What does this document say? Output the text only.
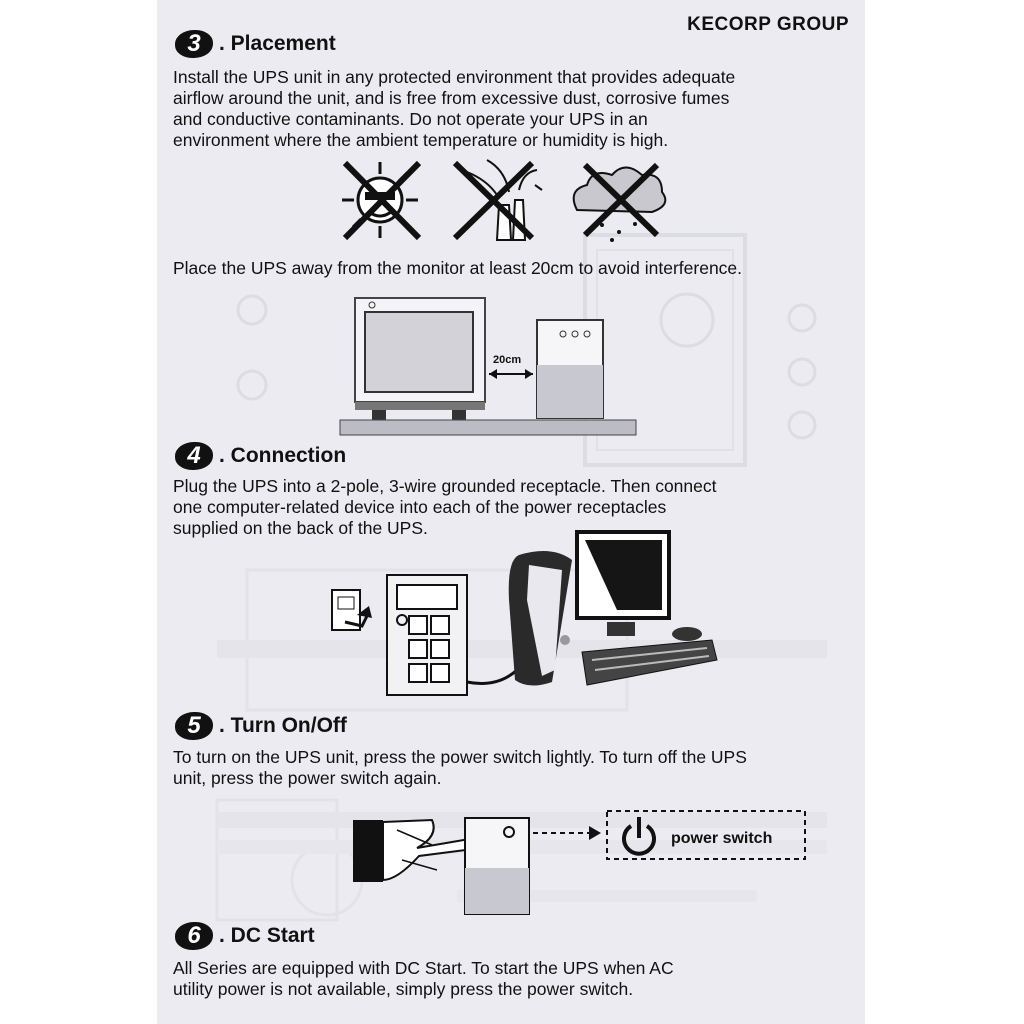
KECORP GROUP
3 . Placement

Install the UPS unit in any protected environment that provides adequate
airflow around the unit, and is free from excessive dust, corrosive fumes
and conductive contaminants. Do not operate your UPS in an
environment where the ambient temperature or humidity is high.

Place the UPS away from the monitor at least 20cm to avoid interference.

20cm
4 . Connection

Plug the UPS into a 2-pole, 3-wire grounded receptacle. Then connect
one computer-related device into each of the power receptacles
supplied on the back of the UPS.

5 . Turn On/Off

To turn on the UPS unit, press the power switch lightly. To turn off the UPS
unit, press the power switch again.

power switch
6 . DC Start

All Series are equipped with DC Start. To start the UPS when AC
utility power is not available, simply press the power switch.
